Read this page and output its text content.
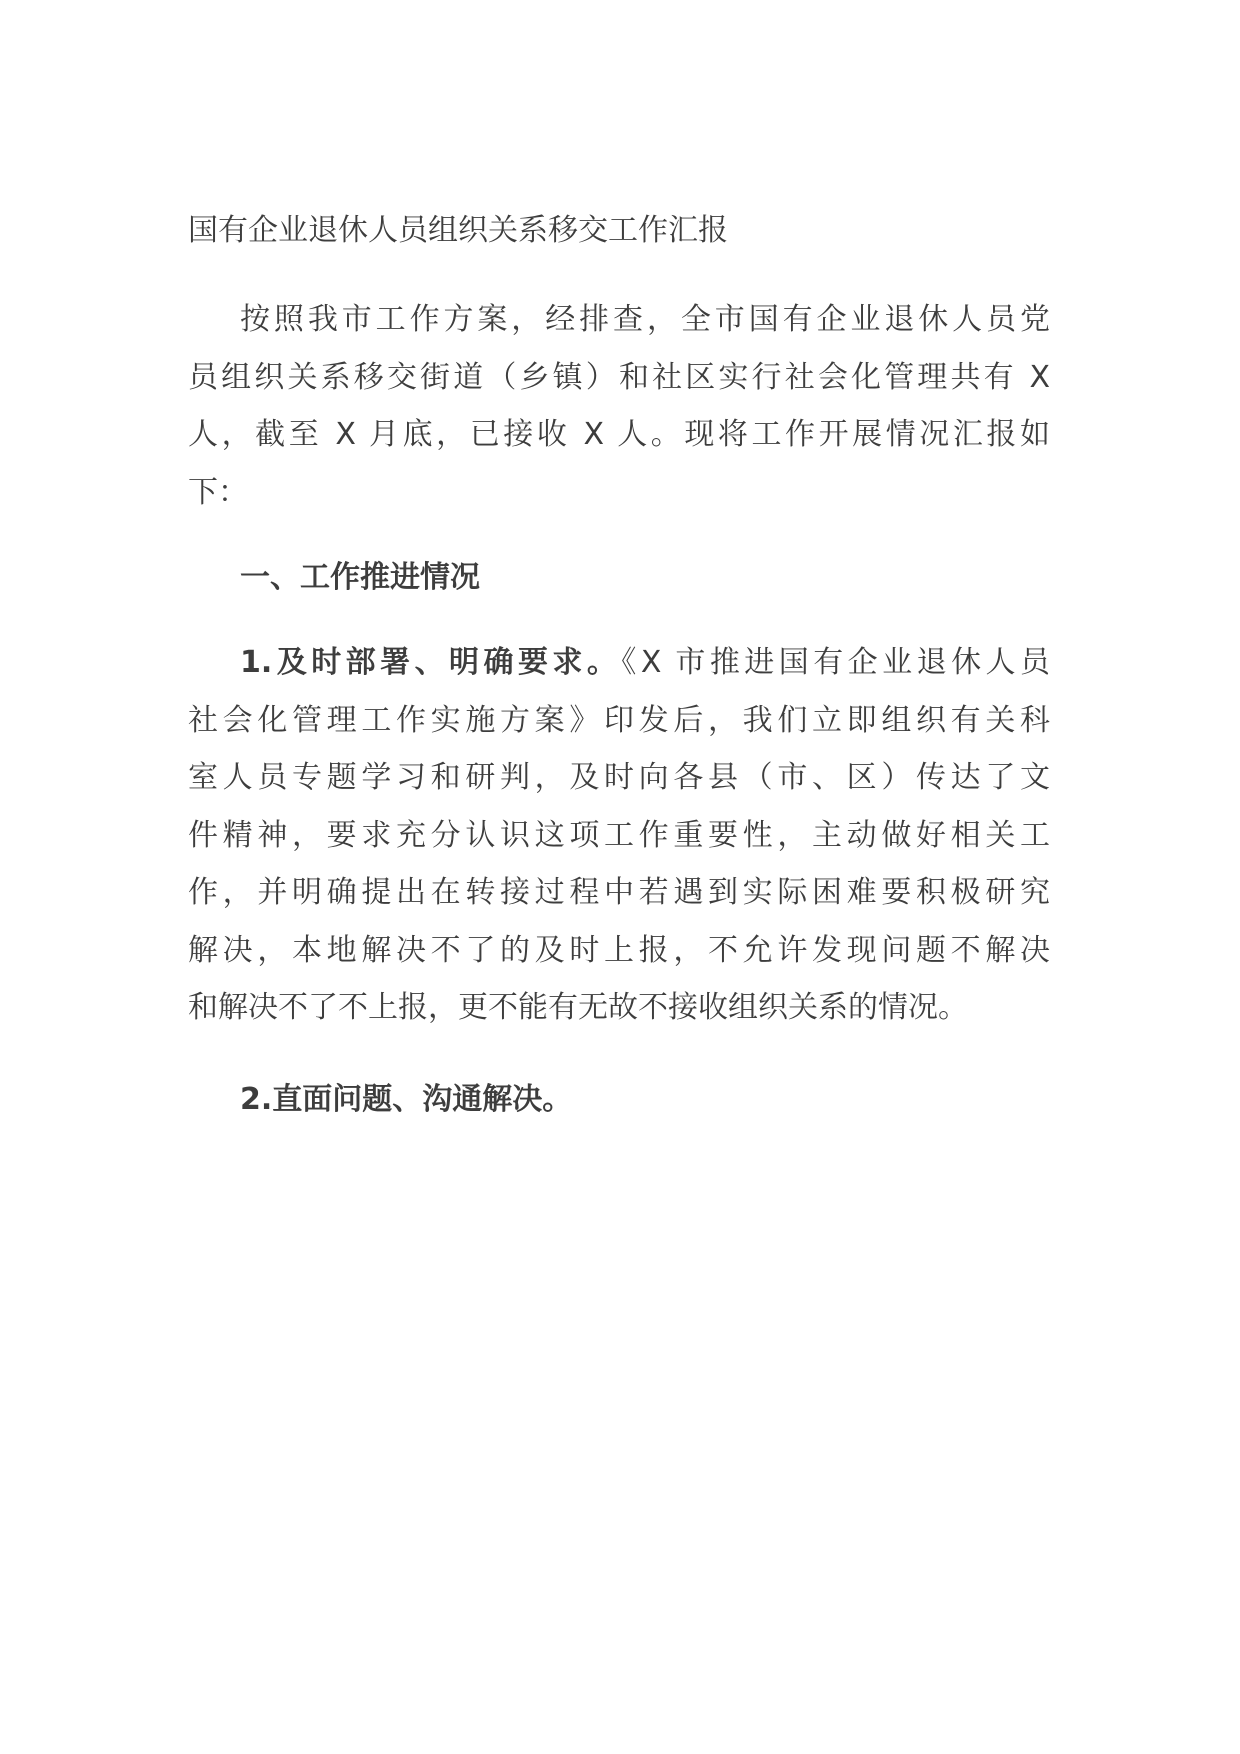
国有企业退休人员组织关系移交工作汇报
按照我市工作方案，经排查，全市国有企业退休人员党
员组织关系移交街道（乡镇）和社区实行社会化管理共有 X
人，截至 X 月底，已接收 X 人。现将工作开展情况汇报如
下：
一、工作推进情况
1.及时部署、明确要求。《X 市推进国有企业退休人员
社会化管理工作实施方案》印发后，我们立即组织有关科
室人员专题学习和研判，及时向各县（市、区）传达了文
件精神，要求充分认识这项工作重要性，主动做好相关工
作，并明确提出在转接过程中若遇到实际困难要积极研究
解决，本地解决不了的及时上报，不允许发现问题不解决
和解决不了不上报，更不能有无故不接收组织关系的情况。
2.直面问题、沟通解决。
